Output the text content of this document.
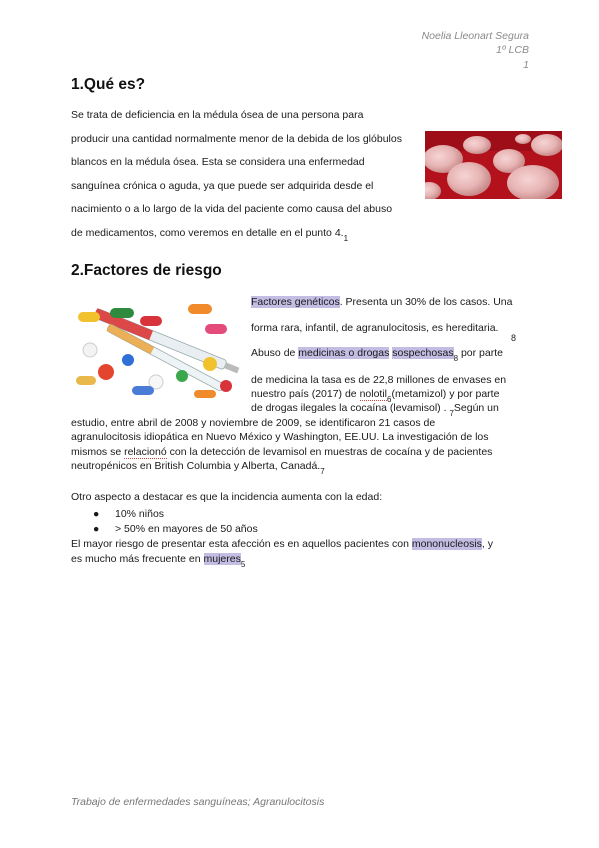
Noelia Lleonart Segura
1º LCB
1
1.Qué es?
Se trata de deficiencia en la médula ósea de una persona para
producir una cantidad normalmente menor de la debida de los glóbulos
blancos en la médula ósea. Esta se considera una enfermedad
sanguínea crónica o aguda, ya que puede ser adquirida desde el
nacimiento o a lo largo de la vida del paciente como causa del abuso
de medicamentos, como veremos en detalle en el punto $4._1$
2.Factores de riesgo
Factores genéticos. Presenta un 30% de los casos. Una
forma rara, infantil, de agranulocitosis, es hereditaria.
8
Abuso de medicinas o drogas sospechosas$_8$ por parte
de medicina la tasa es de 22,8 millones de envases en
nuestro país (2017) de nolotil$_6$(metamizol) y por parte
de drogas ilegales la cocaína (levamisol) . $_7$Según un
estudio, entre abril de 2008 y noviembre de 2009, se identificaron 21 casos de
agranulocitosis idiopática en Nuevo México y Washington, EE.UU. La investigación de los
mismos se relacionó con la detección de levamisol en muestras de cocaína y de pacientes
neutropénicos en British Columbia y Alberta, $Canadá._7$
Otro aspecto a destacar es que la incidencia aumenta con la edad:
● 10% niños
● > 50% en mayores de 50 años
El mayor riesgo de presentar esta afección es en aquellos pacientes con mononucleosis, y
es mucho más frecuente en mujeres$_5$
Trabajo de enfermedades sanguíneas; Agranulocitosis
